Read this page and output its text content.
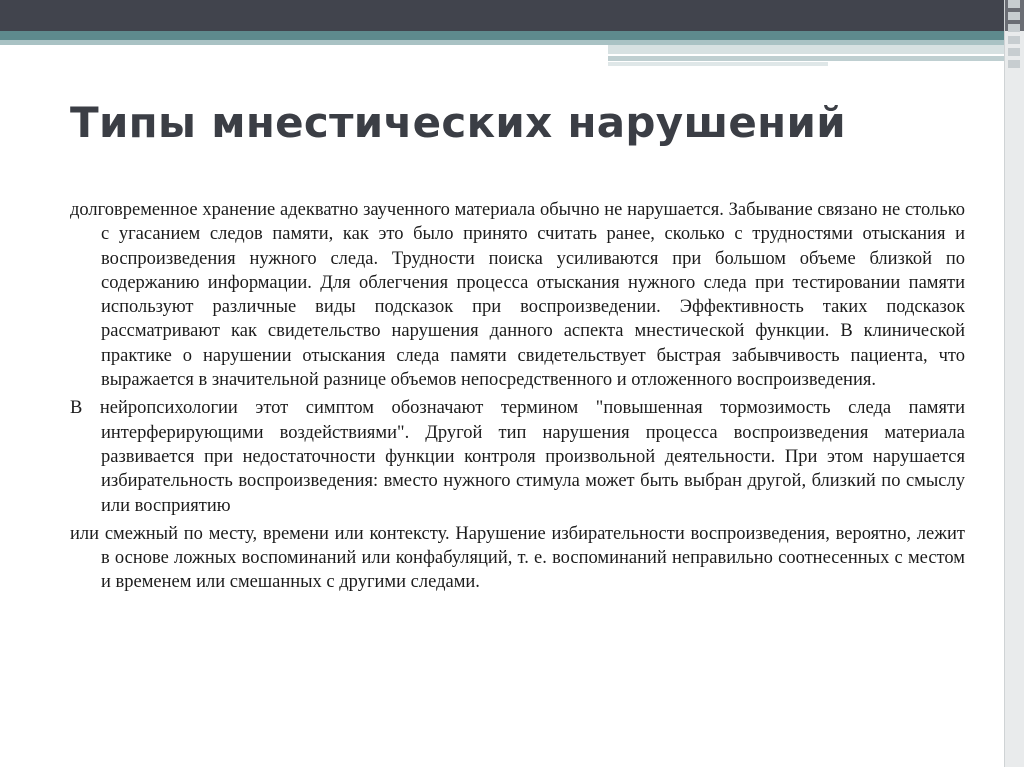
Типы мнестических нарушений

долговременное хранение адекватно заученного материала обычно не нарушается. Забывание связано не столько с угасанием следов памяти, как это было принято считать ранее, сколько с трудностями отыскания и воспроизведения нужного следа. Трудности поиска усиливаются при большом объеме близкой по содержанию информации. Для облегчения процесса отыскания нужного следа при тестировании памяти используют различные виды подсказок при воспроизведении. Эффективность таких подсказок рассматривают как свидетельство нарушения данного аспекта мнестической функции. В клинической практике о нарушении отыскания следа памяти свидетельствует быстрая забывчивость пациента, что выражается в значительной разнице объемов непосредственного и отложенного воспроизведения.

В нейропсихологии этот симптом обозначают термином "повышенная тормозимость следа памяти интерферирующими воздействиями". Другой тип нарушения процесса воспроизведения материала развивается при недостаточности функции контроля произвольной деятельности. При этом нарушается избирательность воспроизведения: вместо нужного стимула может быть выбран другой, близкий по смыслу или восприятию

или смежный по месту, времени или контексту. Нарушение избирательности воспроизведения, вероятно, лежит в основе ложных воспоминаний или конфабуляций, т. е. воспоминаний неправильно соотнесенных с местом и временем или смешанных с другими следами.
